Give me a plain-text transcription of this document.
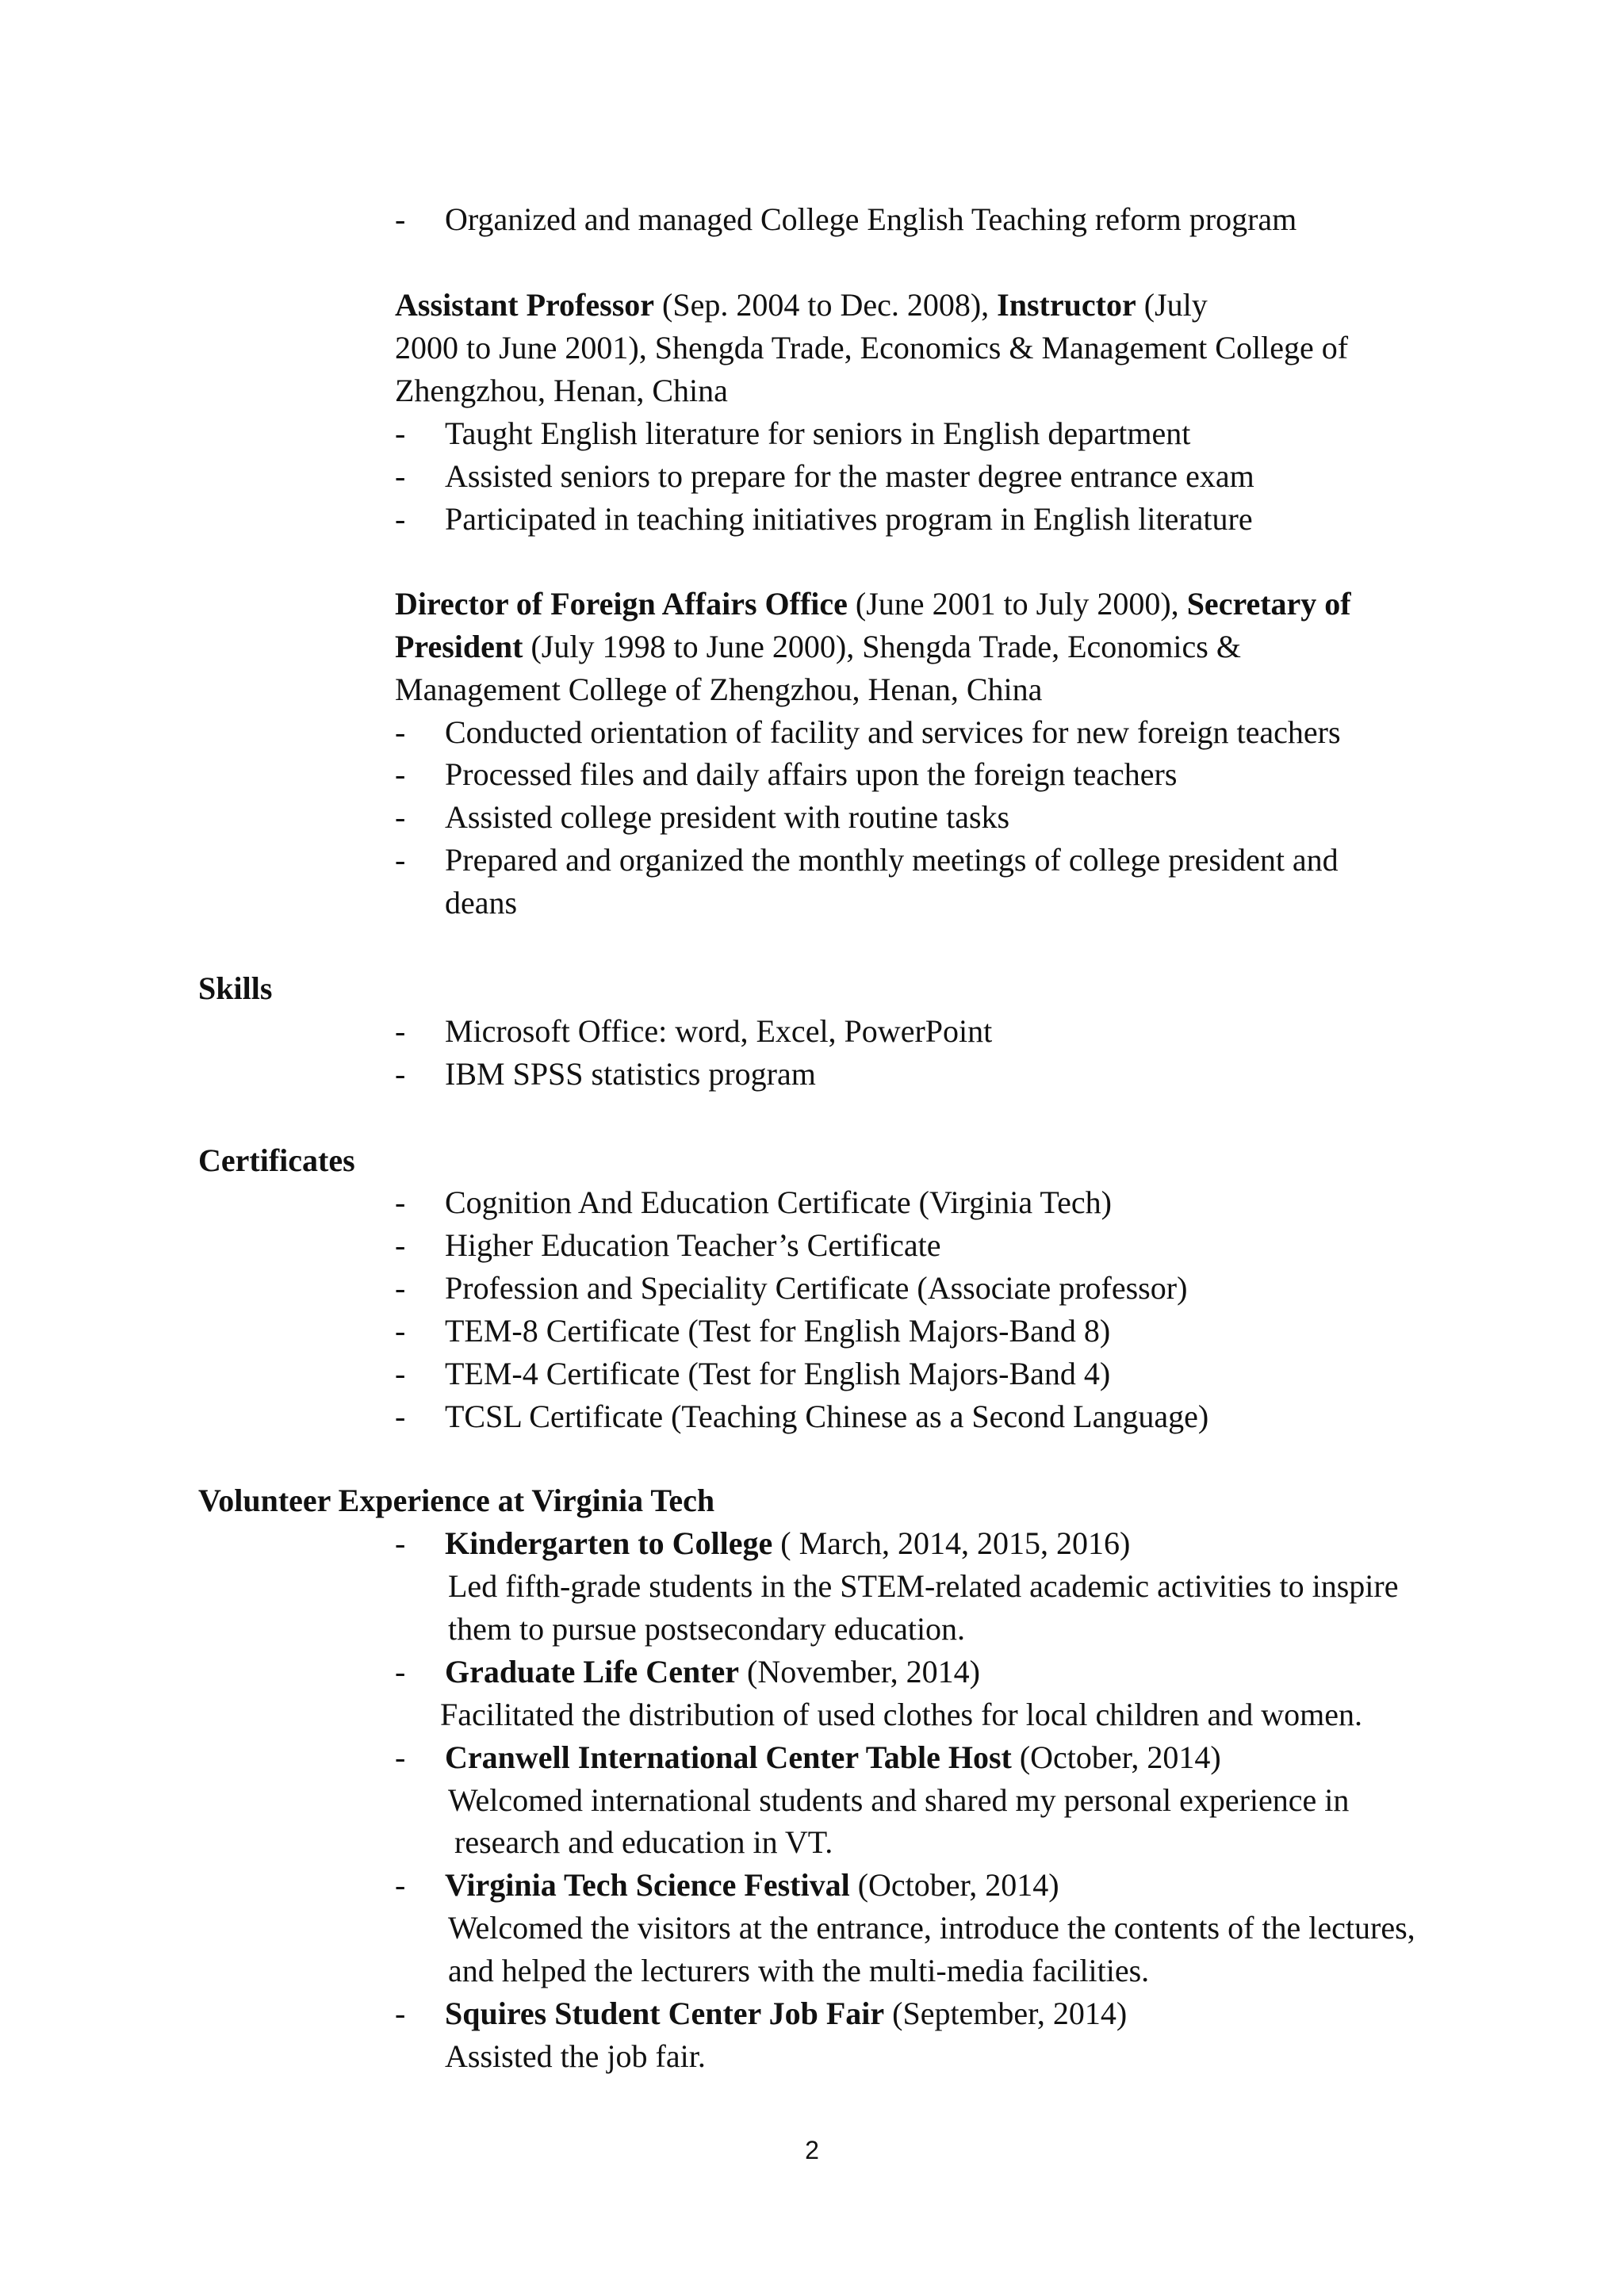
- Organized and managed College English Teaching reform program
Assistant Professor (Sep. 2004 to Dec. 2008), Instructor (July
2000 to June 2001), Shengda Trade, Economics & Management College of
Zhengzhou, Henan, China
- Taught English literature for seniors in English department
- Assisted seniors to prepare for the master degree entrance exam
- Participated in teaching initiatives program in English literature
Director of Foreign Affairs Office (June 2001 to July 2000), Secretary of
President (July 1998 to June 2000), Shengda Trade, Economics &
Management College of Zhengzhou, Henan, China
- Conducted orientation of facility and services for new foreign teachers
- Processed files and daily affairs upon the foreign teachers
- Assisted college president with routine tasks
- Prepared and organized the monthly meetings of college president and
deans
Skills
- Microsoft Office: word, Excel, PowerPoint
- IBM SPSS statistics program
Certificates
- Cognition And Education Certificate (Virginia Tech)
- Higher Education Teacher’s Certificate
- Profession and Speciality Certificate (Associate professor)
- TEM-8 Certificate (Test for English Majors-Band 8)
- TEM-4 Certificate (Test for English Majors-Band 4)
- TCSL Certificate (Teaching Chinese as a Second Language)
Volunteer Experience at Virginia Tech
- Kindergarten to College ( March, 2014, 2015, 2016)
Led fifth-grade students in the STEM-related academic activities to inspire
them to pursue postsecondary education.
- Graduate Life Center (November, 2014)
Facilitated the distribution of used clothes for local children and women.
- Cranwell International Center Table Host (October, 2014)
Welcomed international students and shared my personal experience in
research and education in VT.
- Virginia Tech Science Festival (October, 2014)
Welcomed the visitors at the entrance, introduce the contents of the lectures,
and helped the lecturers with the multi-media facilities.
- Squires Student Center Job Fair (September, 2014)
Assisted the job fair.
2
